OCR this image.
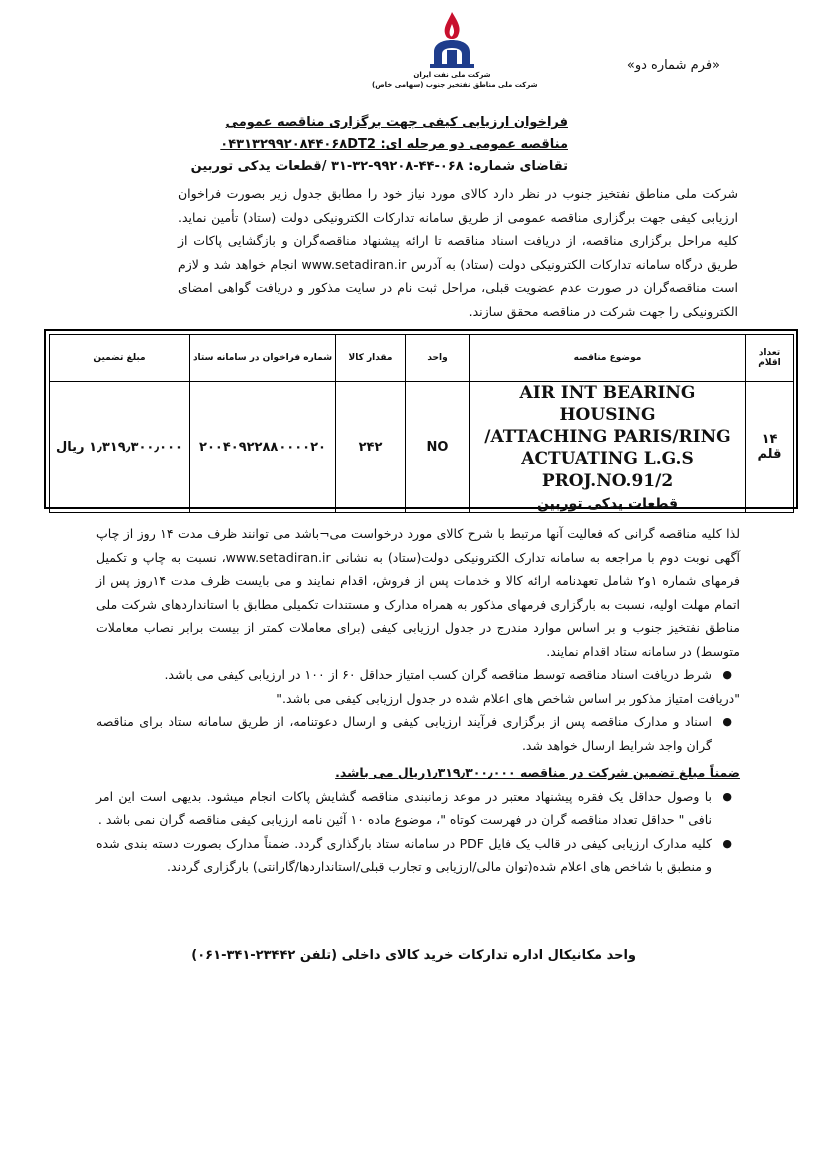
شرکت ملی نفت ایران
شرکت ملی مناطق نفتخیز جنوب (سهامی خاص)
«فرم شماره دو»
فراخوان ارزیابی کیفی جهت برگزاری مناقصه عمومی
مناقصه عمومی دو مرحله ای: ۰۴۳۱۳۲۹۹۲۰۸۴۴۰۶۸DT2
تقاضای شماره: ۰۶۸-۴۴-۹۹۲۰۸-۳۲-۳۱ /قطعات یدکی توربین
شرکت ملی مناطق نفتخیز جنوب در نظر دارد کالای مورد نیاز خود را مطابق جدول زیر بصورت فراخوان ارزیابی کیفی جهت برگزاری مناقصه عمومی از طریق سامانه تدارکات الکترونیکی دولت (ستاد) تأمین نماید. کلیه مراحل برگزاری مناقصه، از دریافت اسناد مناقصه تا ارائه پیشنهاد مناقصه‌گران و بازگشایی پاکات از طریق درگاه سامانه تدارکات الکترونیکی دولت (ستاد) به آدرس www.setadiran.ir انجام خواهد شد و لازم است مناقصه‌گران در صورت عدم عضویت قبلی، مراحل ثبت نام در سایت مذکور و دریافت گواهی امضای الکترونیکی را جهت شرکت در مناقصه محقق سازند.
تعداد اقلام	موضوع مناقصه	واحد	مقدار کالا	شماره فراخوان در سامانه ستاد	مبلغ تضمین
۱۴ قلم	AIR INT BEARING HOUSING
/ATTACHING PARIS/RING
ACTUATING L.G.S
PROJ.NO.91/2
قطعات یدکی توربین	NO	۲۴۲	۲۰۰۴۰۹۲۲۸۸۰۰۰۰۲۰	۱٫۳۱۹٫۳۰۰٫۰۰۰ ریال

لذا کلیه مناقصه گرانی که فعالیت آنها مرتبط با شرح کالای مورد درخواست می¬باشد می توانند ظرف مدت ۱۴ روز از چاپ آگهی نوبت دوم با مراجعه به سامانه تدارک الکترونیکی دولت(ستاد) به نشانی www.setadiran.ir، نسبت به چاپ و تکمیل فرمهای شماره ۱و۲ شامل تعهدنامه ارائه کالا و خدمات پس از فروش، اقدام نمایند و می بایست ظرف مدت ۱۴روز پس از اتمام مهلت اولیه، نسبت به بارگزاری فرمهای مذکور به همراه مدارک و مستندات تکمیلی مطابق با استانداردهای شرکت ملی مناطق نفتخیز جنوب و بر اساس موارد مندرج در جدول ارزیابی کیفی (برای معاملات کمتر از بیست برابر نصاب معاملات متوسط) در سامانه ستاد اقدام نمایند.

●
شرط دریافت اسناد مناقصه توسط مناقصه گران کسب امتیاز حداقل ۶۰ از ۱۰۰ در ارزیابی کیفی می باشد.

"دریافت امتیاز مذکور بر اساس شاخص های اعلام شده در جدول ارزیابی کیفی می باشد."

●
اسناد و مدارک مناقصه پس از برگزاری فرآیند ارزیابی کیفی و ارسال دعوتنامه، از طریق سامانه ستاد برای مناقصه گران واجد شرایط ارسال خواهد شد.

ضمناً مبلغ تضمین شرکت در مناقصه ۱٫۳۱۹٫۳۰۰٫۰۰۰ریال می باشد.

●
با وصول حداقل یک فقره پیشنهاد معتبر در موعد زمانبندی مناقصه گشایش پاکات انجام میشود. بدیهی است این امر نافی " حداقل تعداد مناقصه گران در فهرست کوتاه "، موضوع ماده ۱۰ آئین نامه ارزیابی کیفی مناقصه گران نمی باشد .

●
کلیه مدارک ارزیابی کیفی در قالب یک فایل PDF در سامانه ستاد بارگذاری گردد. ضمناً مدارک بصورت دسته بندی شده و منطبق با شاخص های اعلام شده(توان مالی/ارزیابی و تجارب قبلی/استانداردها/گارانتی) بارگزاری گردند.

واحد مکانیکال اداره تدارکات خرید کالای داخلی (تلفن ۲۳۴۴۲-۳۴۱-۰۶۱)
